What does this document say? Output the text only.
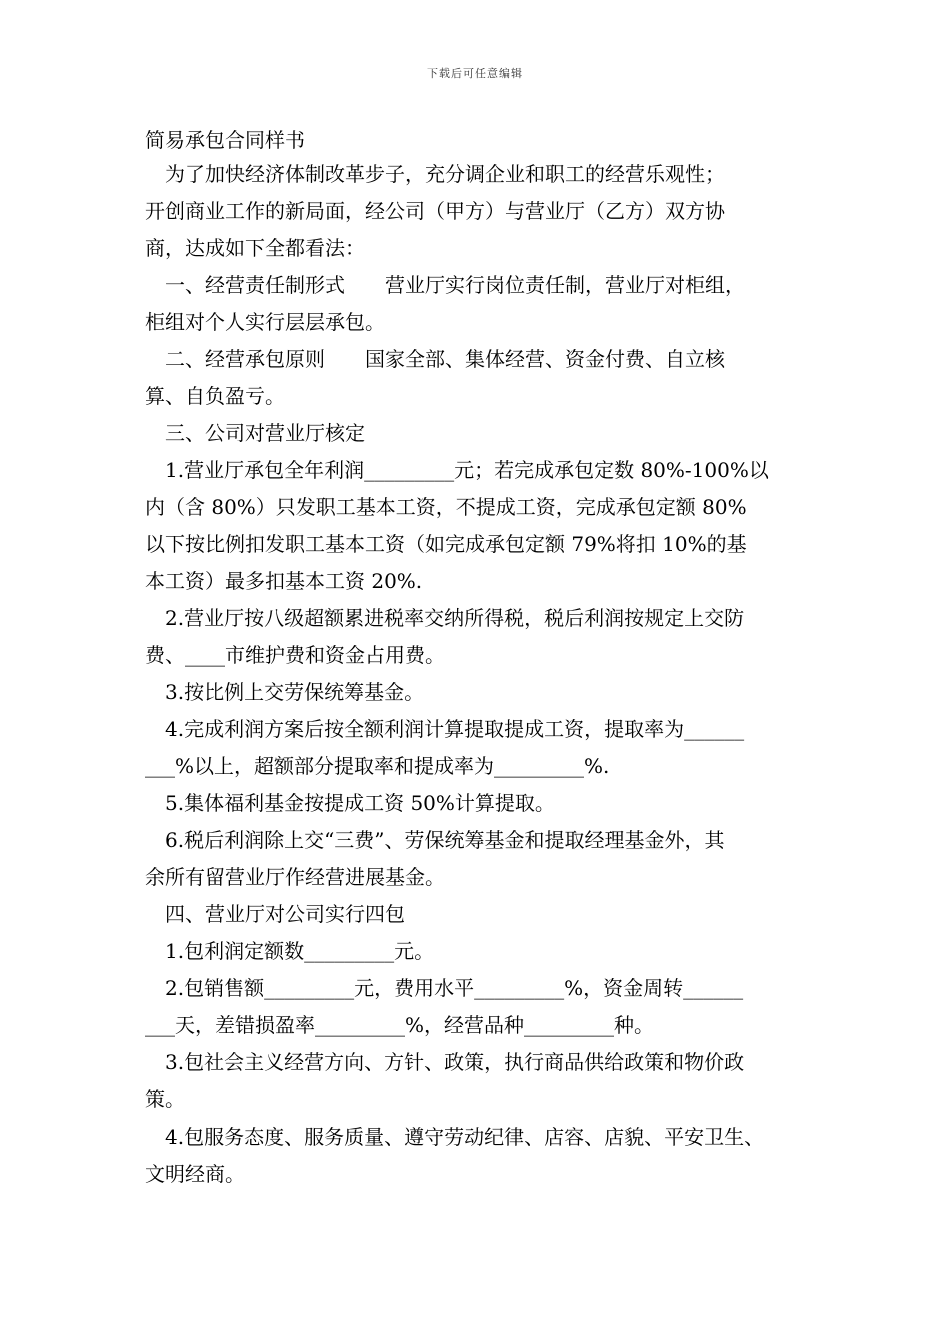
下载后可任意编辑
简易承包合同样书
　为了加快经济体制改革步子，充分调企业和职工的经营乐观性；
开创商业工作的新局面，经公司（甲方）与营业厅（乙方）双方协
商，达成如下全都看法：
　一、经营责任制形式　　营业厅实行岗位责任制，营业厅对柜组，
柜组对个人实行层层承包。
　二、经营承包原则　　国家全部、集体经营、资金付费、自立核
算、自负盈亏。
　三、公司对营业厅核定
　1.营业厅承包全年利润_________元；若完成承包定数 80%-100%以
内（含 80%）只发职工基本工资，不提成工资，完成承包定额 80%
以下按比例扣发职工基本工资（如完成承包定额 79%将扣 10%的基
本工资）最多扣基本工资 20%.
　2.营业厅按八级超额累进税率交纳所得税，税后利润按规定上交防
费、____市维护费和资金占用费。
　3.按比例上交劳保统筹基金。
　4.完成利润方案后按全额利润计算提取提成工资，提取率为______
___%以上，超额部分提取率和提成率为_________%.
　5.集体福利基金按提成工资 50%计算提取。
　6.税后利润除上交“三费”、劳保统筹基金和提取经理基金外，其
余所有留营业厅作经营进展基金。
　四、营业厅对公司实行四包
　1.包利润定额数_________元。
　2.包销售额_________元，费用水平_________%，资金周转______
___天，差错损盈率_________%，经营品种_________种。
　3.包社会主义经营方向、方针、政策，执行商品供给政策和物价政
策。
　4.包服务态度、服务质量、遵守劳动纪律、店容、店貌、平安卫生、
文明经商。
